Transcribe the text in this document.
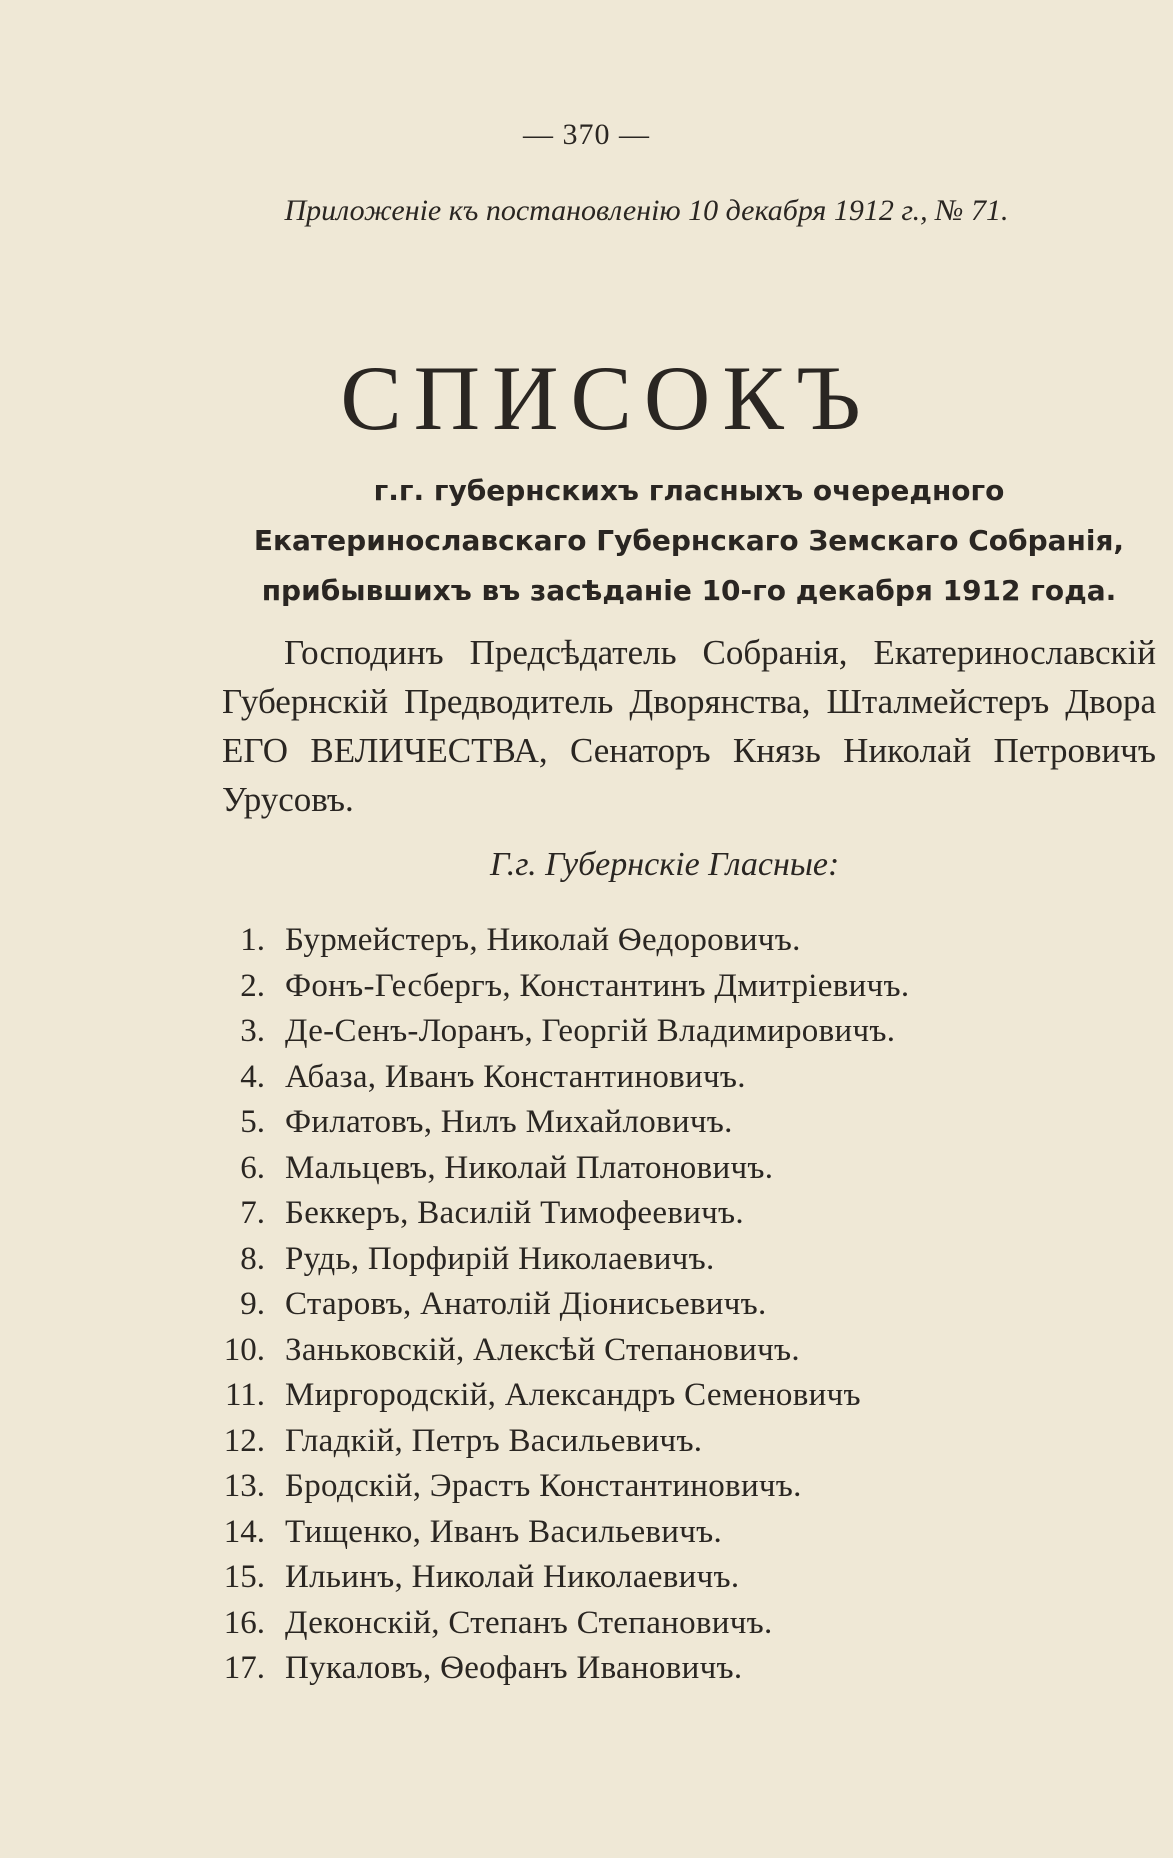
— 370 —
Приложеніе къ постановленію 10 декабря 1912 г., № 71.
СПИСОКЪ
г.г. губернскихъ гласныхъ очередного Екатеринославскаго Губернскаго Земскаго Собранія, прибывшихъ въ засѣданіе 10-го декабря 1912 года.
Господинъ Предсѣдатель Собранія, Екатеринославскій Губернскій Предводитель Дворянства, Шталмейстеръ Двора ЕГО ВЕЛИЧЕСТВА, Сенаторъ Князь Николай Петровичъ Урусовъ.
Г.г. Губернскіе Гласные:
1. Бурмейстеръ, Николай Ѳедоровичъ.
2. Фонъ-Гесбергъ, Константинъ Дмитріевичъ.
3. Де-Сенъ-Лоранъ, Георгій Владимировичъ.
4. Абаза, Иванъ Константиновичъ.
5. Филатовъ, Нилъ Михайловичъ.
6. Мальцевъ, Николай Платоновичъ.
7. Беккеръ, Василій Тимофеевичъ.
8. Рудь, Порфирій Николаевичъ.
9. Старовъ, Анатолій Діонисьевичъ.
10. Заньковскій, Алексѣй Степановичъ.
11. Миргородскій, Александръ Семеновичъ
12. Гладкій, Петръ Васильевичъ.
13. Бродскій, Эрастъ Константиновичъ.
14. Тищенко, Иванъ Васильевичъ.
15. Ильинъ, Николай Николаевичъ.
16. Деконскій, Степанъ Степановичъ.
17. Пукаловъ, Ѳеофанъ Ивановичъ.
